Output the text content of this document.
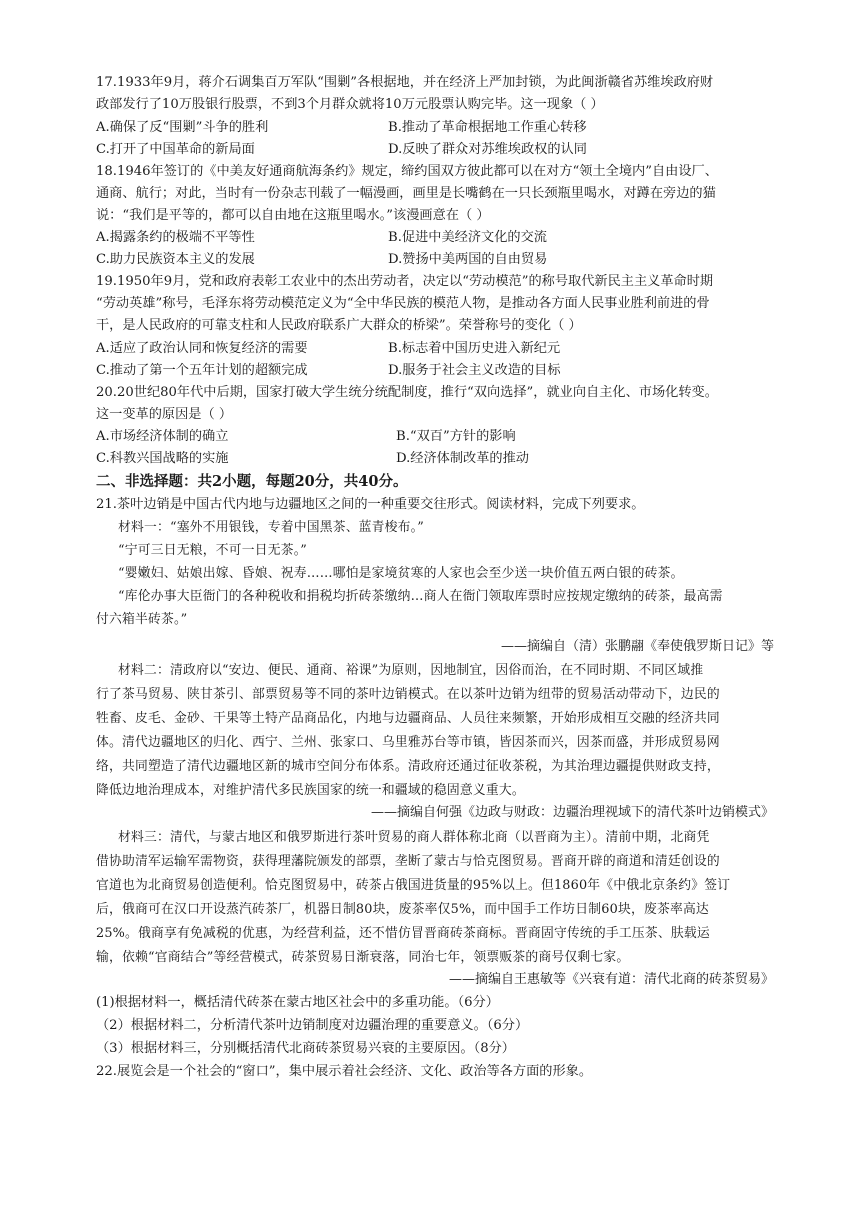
17.1933年9月，蒋介石调集百万军队“围剿”各根据地，并在经济上严加封锁，为此闽浙赣省苏维埃政府财
政部发行了10万股银行股票，不到3个月群众就将10万元股票认购完毕。这一现象（ ）
A.确保了反“围剿”斗争的胜利	B.推动了革命根据地工作重心转移
C.打开了中国革命的新局面	D.反映了群众对苏维埃政权的认同
18.1946年签订的《中美友好通商航海条约》规定，缔约国双方彼此都可以在对方“领土全境内”自由设厂、
通商、航行；对此，当时有一份杂志刊载了一幅漫画，画里是长嘴鹤在一只长颈瓶里喝水，对蹲在旁边的猫
说：“我们是平等的，都可以自由地在这瓶里喝水。”该漫画意在（ ）
A.揭露条约的极端不平等性	B.促进中美经济文化的交流
C.助力民族资本主义的发展	D.赞扬中美两国的自由贸易
19.1950年9月，党和政府表彰工农业中的杰出劳动者，决定以“劳动模范”的称号取代新民主主义革命时期
“劳动英雄”称号，毛泽东将劳动模范定义为“全中华民族的模范人物，是推动各方面人民事业胜利前进的骨
干，是人民政府的可靠支柱和人民政府联系广大群众的桥梁”。荣誉称号的变化（ ）
A.适应了政治认同和恢复经济的需要	B.标志着中国历史进入新纪元
C.推动了第一个五年计划的超额完成	D.服务于社会主义改造的目标
20.20世纪80年代中后期，国家打破大学生统分统配制度，推行“双向选择”，就业向自主化、市场化转变。
这一变革的原因是（ ）
A.市场经济体制的确立	B.“双百”方针的影响
C.科教兴国战略的实施	D.经济体制改革的推动
二、非选择题：共2小题，每题20分，共40分。
21.茶叶边销是中国古代内地与边疆地区之间的一种重要交往形式。阅读材料，完成下列要求。
材料一：“塞外不用银钱，专着中国黑茶、蓝青梭布。”
“宁可三日无粮，不可一日无茶。”
“婴嫩妇、姑娘出嫁、昏娘、祝寿……哪怕是家境贫寒的人家也会至少送一块价值五两白银的砖茶。
“库伦办事大臣衙门的各种税收和捐税均折砖茶缴纳…商人在衙门领取库票时应按规定缴纳的砖茶，最高需
付六箱半砖茶。”
——摘编自（清）张鹏翮《奉使俄罗斯日记》等
材料二：清政府以“安边、便民、通商、裕课”为原则，因地制宜，因俗而治，在不同时期、不同区域推
行了茶马贸易、陕甘茶引、部票贸易等不同的茶叶边销模式。在以茶叶边销为纽带的贸易活动带动下，边民的
牲畜、皮毛、金砂、干果等土特产品商品化，内地与边疆商品、人员往来频繁，开始形成相互交融的经济共同
体。清代边疆地区的归化、西宁、兰州、张家口、乌里雅苏台等市镇，皆因茶而兴，因茶而盛，并形成贸易网
络，共同塑造了清代边疆地区新的城市空间分布体系。清政府还通过征收茶税，为其治理边疆提供财政支持，
降低边地治理成本，对维护清代多民族国家的统一和疆域的稳固意义重大。
——摘编自何强《边政与财政：边疆治理视域下的清代茶叶边销模式》
材料三：清代，与蒙古地区和俄罗斯进行茶叶贸易的商人群体称北商（以晋商为主）。清前中期，北商凭
借协助清军运输军需物资，获得理藩院颁发的部票，垄断了蒙古与恰克图贸易。晋商开辟的商道和清廷创设的
官道也为北商贸易创造便利。恰克图贸易中，砖茶占俄国进货量的95%以上。但1860年《中俄北京条约》签订
后，俄商可在汉口开设蒸汽砖茶厂，机器日制80块，废茶率仅5%，而中国手工作坊日制60块，废茶率高达
25%。俄商享有免减税的优惠，为经营利益，还不惜仿冒晋商砖茶商标。晋商固守传统的手工压茶、肤载运
输，依赖“官商结合”等经营模式，砖茶贸易日渐衰落，同治七年，领票贩茶的商号仅剩七家。
——摘编自王惠敏等《兴衰有道：清代北商的砖茶贸易》
(1)根据材料一，概括清代砖茶在蒙古地区社会中的多重功能。（6分）
（2）根据材料二，分析清代茶叶边销制度对边疆治理的重要意义。（6分）
（3）根据材料三，分别概括清代北商砖茶贸易兴衰的主要原因。（8分）
22.展览会是一个社会的“窗口”，集中展示着社会经济、文化、政治等各方面的形象。
